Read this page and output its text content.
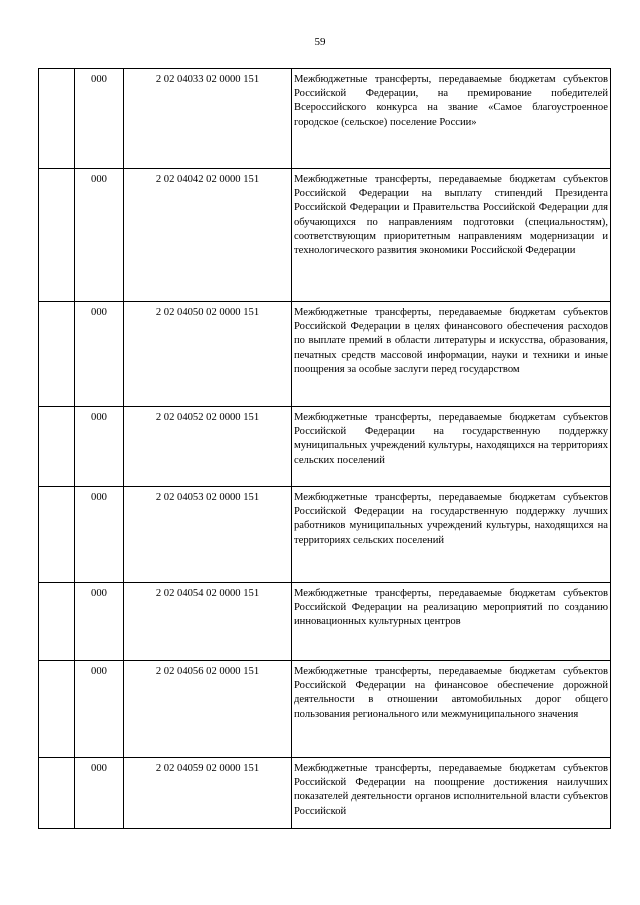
59
	000	2 02 04033 02 0000 151	Межбюджетные трансферты, передаваемые бюджетам субъектов Российской Федерации, на премирование победителей Всероссийского конкурса на звание «Самое благоустроенное городское (сельское) поселение России»
	000	2 02 04042 02 0000 151	Межбюджетные трансферты, передаваемые бюджетам субъектов Российской Федерации на выплату стипендий Президента Российской Федерации и Правительства Российской Федерации для обучающихся по направлениям подготовки (специальностям), соответствующим приоритетным направлениям модернизации и технологического развития экономики Российской Федерации
	000	2 02 04050 02 0000 151	Межбюджетные трансферты, передаваемые бюджетам субъектов Российской Федерации в целях финансового обеспечения расходов по выплате премий в области литературы и искусства, образования, печатных средств массовой информации, науки и техники и иные поощрения за особые заслуги перед государством
	000	2 02 04052 02 0000 151	Межбюджетные трансферты, передаваемые бюджетам субъектов Российской Федерации на государственную поддержку муниципальных учреждений культуры, находящихся на территориях сельских поселений
	000	2 02 04053 02 0000 151	Межбюджетные трансферты, передаваемые бюджетам субъектов Российской Федерации на государственную поддержку лучших работников муниципальных учреждений культуры, находящихся на территориях сельских поселений
	000	2 02 04054 02 0000 151	Межбюджетные трансферты, передаваемые бюджетам субъектов Российской Федерации на реализацию мероприятий по созданию инновационных культурных центров
	000	2 02 04056 02 0000 151	Межбюджетные трансферты, передаваемые бюджетам субъектов Российской Федерации на финансовое обеспечение дорожной деятельности в отношении автомобильных дорог общего пользования регионального или межмуниципального значения
	000	2 02 04059 02 0000 151	Межбюджетные трансферты, передаваемые бюджетам субъектов Российской Федерации на поощрение достижения наилучших показателей деятельности органов исполнительной власти субъектов Российской
